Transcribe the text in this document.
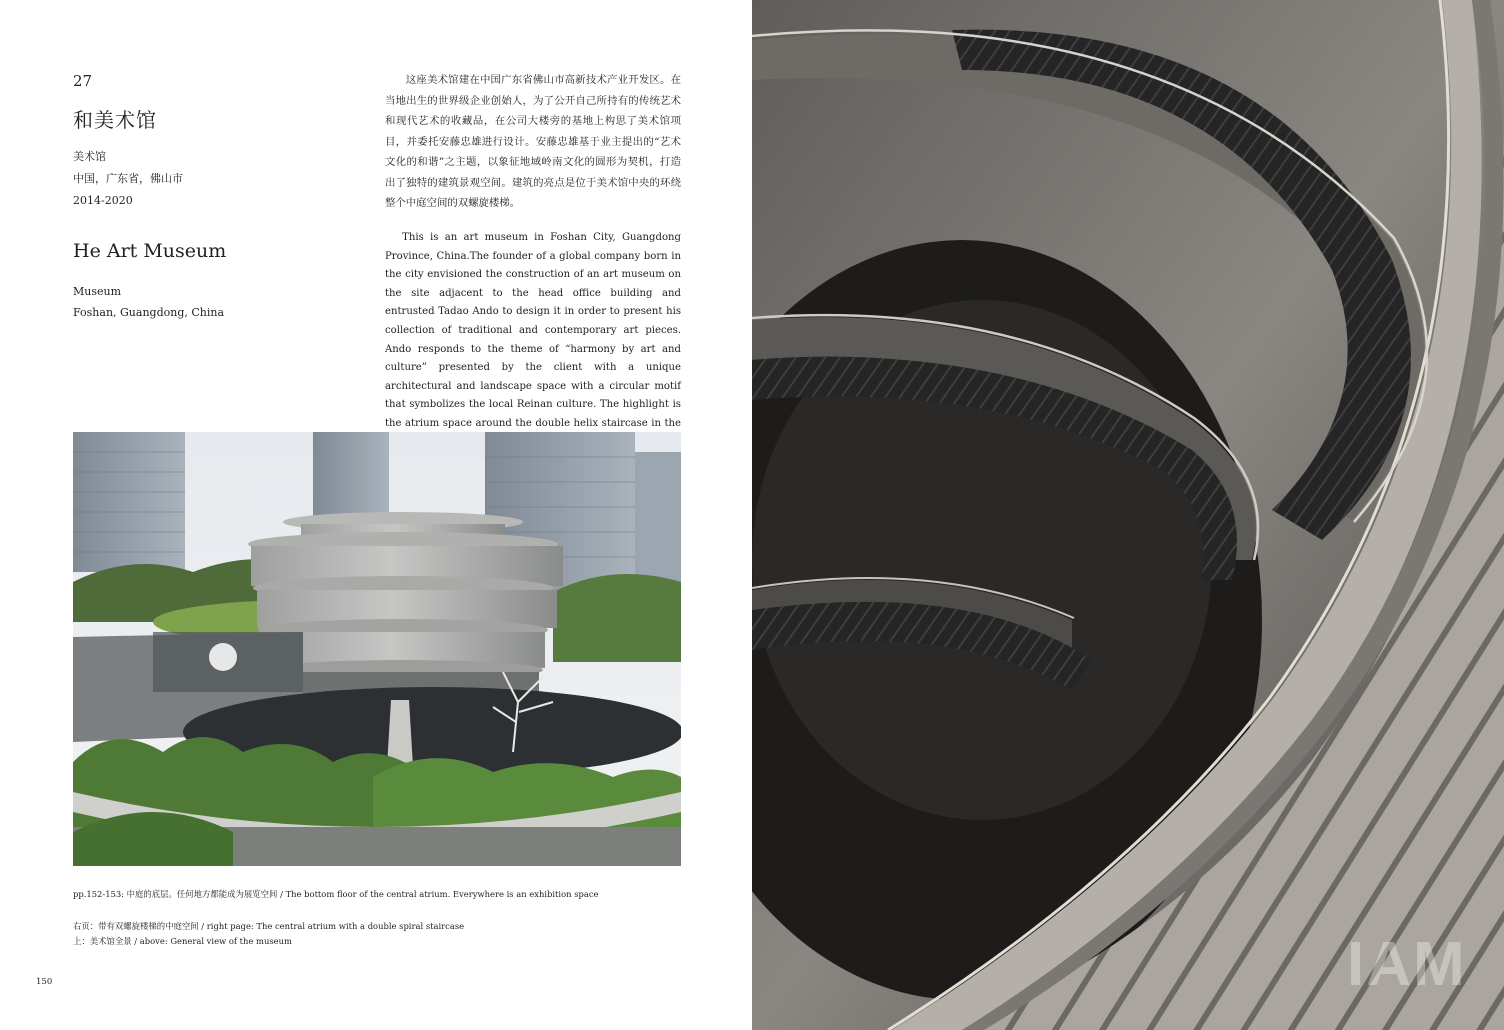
27
和美术馆
美术馆
中国，广东省，佛山市
2014-2020
He Art Museum
Museum
Foshan, Guangdong, China

这座美术馆建在中国广东省佛山市高新技术产业开发区。在当地出生的世界级企业创始人，为了公开自己所持有的传统艺术和现代艺术的收藏品，在公司大楼旁的基地上构思了美术馆项目，并委托安藤忠雄进行设计。安藤忠雄基于业主提出的“艺术文化的和谐”之主题，以象征地域岭南文化的圆形为契机，打造出了独特的建筑景观空间。建筑的亮点是位于美术馆中央的环绕整个中庭空间的双螺旋楼梯。

This is an art museum in Foshan City, Guangdong Province, China.The founder of a global company born in the city envisioned the construction of an art museum on the site adjacent to the head office building and entrusted Tadao Ando to design it in order to present his collection of traditional and contemporary art pieces. Ando responds to the theme of “harmony by art and culture” presented by the client with a unique architectural and landscape space with a circular motif that symbolizes the local Reinan culture. The highlight is the atrium space around the double helix staircase in the

pp.152-153: 中庭的底层。任何地方都能成为展览空间 / The bottom floor of the central atrium. Everywhere is an exhibition space
右页：带有双螺旋楼梯的中庭空间 / right page: The central atrium with a double spiral staircase
上：美术馆全景 / above: General view of the museum
150	IAM
